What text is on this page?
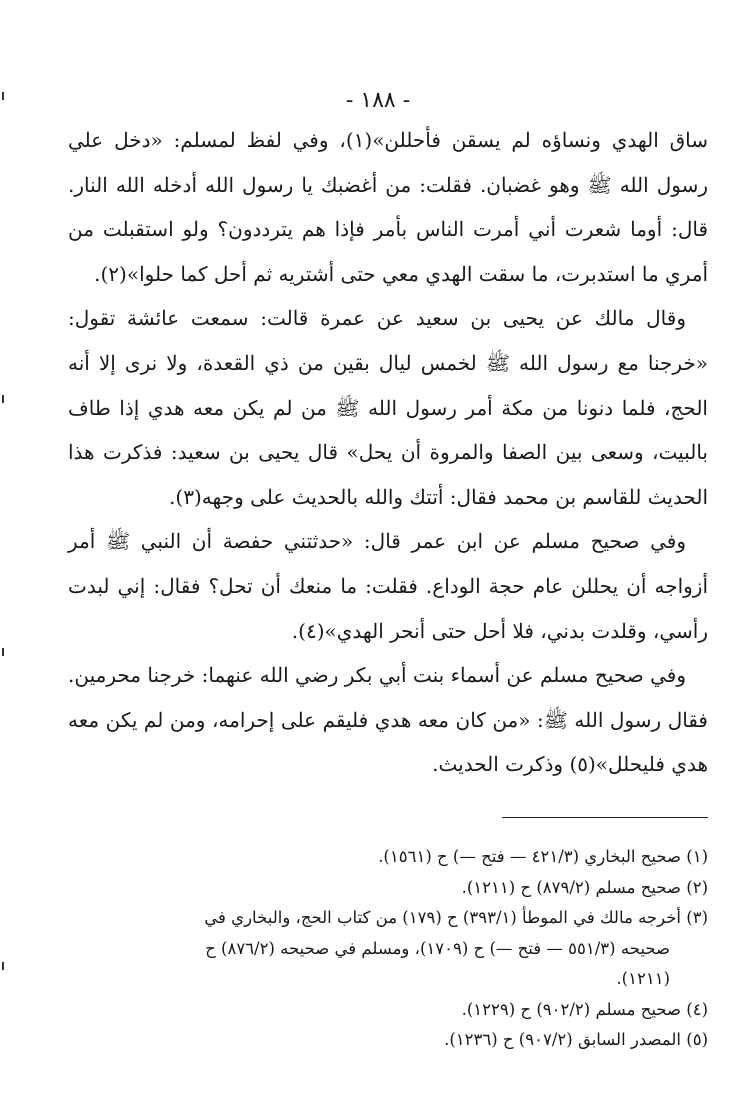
- ١٨٨ -

ساق الهدي ونساؤه لم يسقن فأحللن»(١)، وفي لفظ لمسلم: «دخل علي رسول الله ﷺ وهو غضبان. فقلت: من أغضبك يا رسول الله أدخله الله النار. قال: أوما شعرت أني أمرت الناس بأمر فإذا هم يترددون؟ ولو استقبلت من أمري ما استدبرت، ما سقت الهدي معي حتى أشتريه ثم أحل كما حلوا»(٢).

وقال مالك عن يحيى بن سعيد عن عمرة قالت: سمعت عائشة تقول: «خرجنا مع رسول الله ﷺ لخمس ليال بقين من ذي القعدة، ولا نرى إلا أنه الحج، فلما دنونا من مكة أمر رسول الله ﷺ من لم يكن معه هدي إذا طاف بالبيت، وسعى بين الصفا والمروة أن يحل» قال يحيى بن سعيد: فذكرت هذا الحديث للقاسم بن محمد فقال: أتتك والله بالحديث على وجهه(٣).

وفي صحيح مسلم عن ابن عمر قال: «حدثتني حفصة أن النبي ﷺ أمر أزواجه أن يحللن عام حجة الوداع. فقلت: ما منعك أن تحل؟ فقال: إني لبدت رأسي، وقلدت بدني، فلا أحل حتى أنحر الهدي»(٤).

وفي صحيح مسلم عن أسماء بنت أبي بكر رضي الله عنهما: خرجنا محرمين. فقال رسول الله ﷺ: «من كان معه هدي فليقم على إحرامه، ومن لم يكن معه هدي فليحلل»(٥) وذكرت الحديث.

(١) صحيح البخاري (٤٢١/٣ — فتح —) ح (١٥٦١).

(٢) صحيح مسلم (٨٧٩/٢) ح (١٢١١).

(٣) أخرجه مالك في الموطأ (٣٩٣/١) ح (١٧٩) من كتاب الحج، والبخاري في

صحيحه (٥٥١/٣ — فتح —) ح (١٧٠٩)، ومسلم في صحيحه (٨٧٦/٢) ح

(١٢١١).

(٤) صحيح مسلم (٩٠٢/٢) ح (١٢٢٩).

(٥) المصدر السابق (٩٠٧/٢) ح (١٢٣٦).
